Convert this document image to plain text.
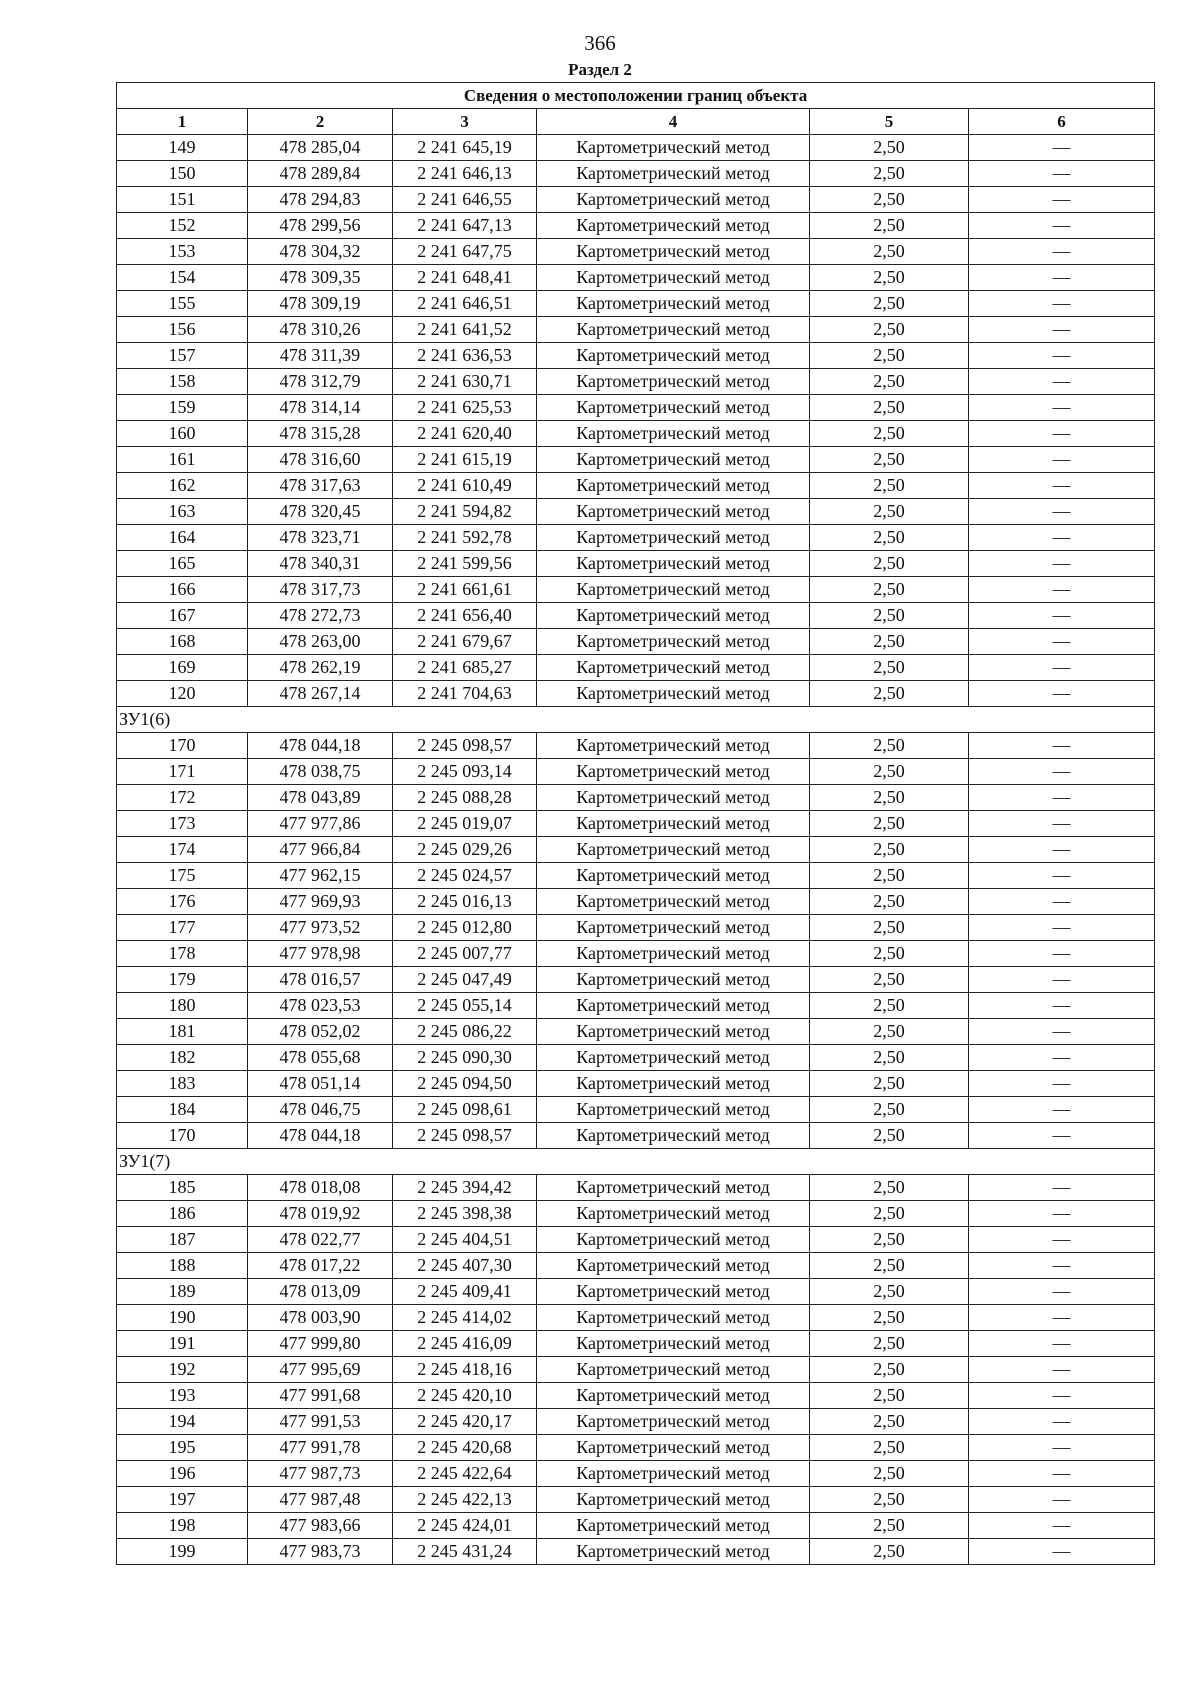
366
Раздел 2
Сведения о местоположении границ объекта					
1	2	3	4	5	6
149	478 285,04	2 241 645,19	Картометрический метод	2,50	—
150	478 289,84	2 241 646,13	Картометрический метод	2,50	—
151	478 294,83	2 241 646,55	Картометрический метод	2,50	—
152	478 299,56	2 241 647,13	Картометрический метод	2,50	—
153	478 304,32	2 241 647,75	Картометрический метод	2,50	—
154	478 309,35	2 241 648,41	Картометрический метод	2,50	—
155	478 309,19	2 241 646,51	Картометрический метод	2,50	—
156	478 310,26	2 241 641,52	Картометрический метод	2,50	—
157	478 311,39	2 241 636,53	Картометрический метод	2,50	—
158	478 312,79	2 241 630,71	Картометрический метод	2,50	—
159	478 314,14	2 241 625,53	Картометрический метод	2,50	—
160	478 315,28	2 241 620,40	Картометрический метод	2,50	—
161	478 316,60	2 241 615,19	Картометрический метод	2,50	—
162	478 317,63	2 241 610,49	Картометрический метод	2,50	—
163	478 320,45	2 241 594,82	Картометрический метод	2,50	—
164	478 323,71	2 241 592,78	Картометрический метод	2,50	—
165	478 340,31	2 241 599,56	Картометрический метод	2,50	—
166	478 317,73	2 241 661,61	Картометрический метод	2,50	—
167	478 272,73	2 241 656,40	Картометрический метод	2,50	—
168	478 263,00	2 241 679,67	Картометрический метод	2,50	—
169	478 262,19	2 241 685,27	Картометрический метод	2,50	—
120	478 267,14	2 241 704,63	Картометрический метод	2,50	—
ЗУ1(6)					
170	478 044,18	2 245 098,57	Картометрический метод	2,50	—
171	478 038,75	2 245 093,14	Картометрический метод	2,50	—
172	478 043,89	2 245 088,28	Картометрический метод	2,50	—
173	477 977,86	2 245 019,07	Картометрический метод	2,50	—
174	477 966,84	2 245 029,26	Картометрический метод	2,50	—
175	477 962,15	2 245 024,57	Картометрический метод	2,50	—
176	477 969,93	2 245 016,13	Картометрический метод	2,50	—
177	477 973,52	2 245 012,80	Картометрический метод	2,50	—
178	477 978,98	2 245 007,77	Картометрический метод	2,50	—
179	478 016,57	2 245 047,49	Картометрический метод	2,50	—
180	478 023,53	2 245 055,14	Картометрический метод	2,50	—
181	478 052,02	2 245 086,22	Картометрический метод	2,50	—
182	478 055,68	2 245 090,30	Картометрический метод	2,50	—
183	478 051,14	2 245 094,50	Картометрический метод	2,50	—
184	478 046,75	2 245 098,61	Картометрический метод	2,50	—
170	478 044,18	2 245 098,57	Картометрический метод	2,50	—
ЗУ1(7)					
185	478 018,08	2 245 394,42	Картометрический метод	2,50	—
186	478 019,92	2 245 398,38	Картометрический метод	2,50	—
187	478 022,77	2 245 404,51	Картометрический метод	2,50	—
188	478 017,22	2 245 407,30	Картометрический метод	2,50	—
189	478 013,09	2 245 409,41	Картометрический метод	2,50	—
190	478 003,90	2 245 414,02	Картометрический метод	2,50	—
191	477 999,80	2 245 416,09	Картометрический метод	2,50	—
192	477 995,69	2 245 418,16	Картометрический метод	2,50	—
193	477 991,68	2 245 420,10	Картометрический метод	2,50	—
194	477 991,53	2 245 420,17	Картометрический метод	2,50	—
195	477 991,78	2 245 420,68	Картометрический метод	2,50	—
196	477 987,73	2 245 422,64	Картометрический метод	2,50	—
197	477 987,48	2 245 422,13	Картометрический метод	2,50	—
198	477 983,66	2 245 424,01	Картометрический метод	2,50	—
199	477 983,73	2 245 431,24	Картометрический метод	2,50	—
